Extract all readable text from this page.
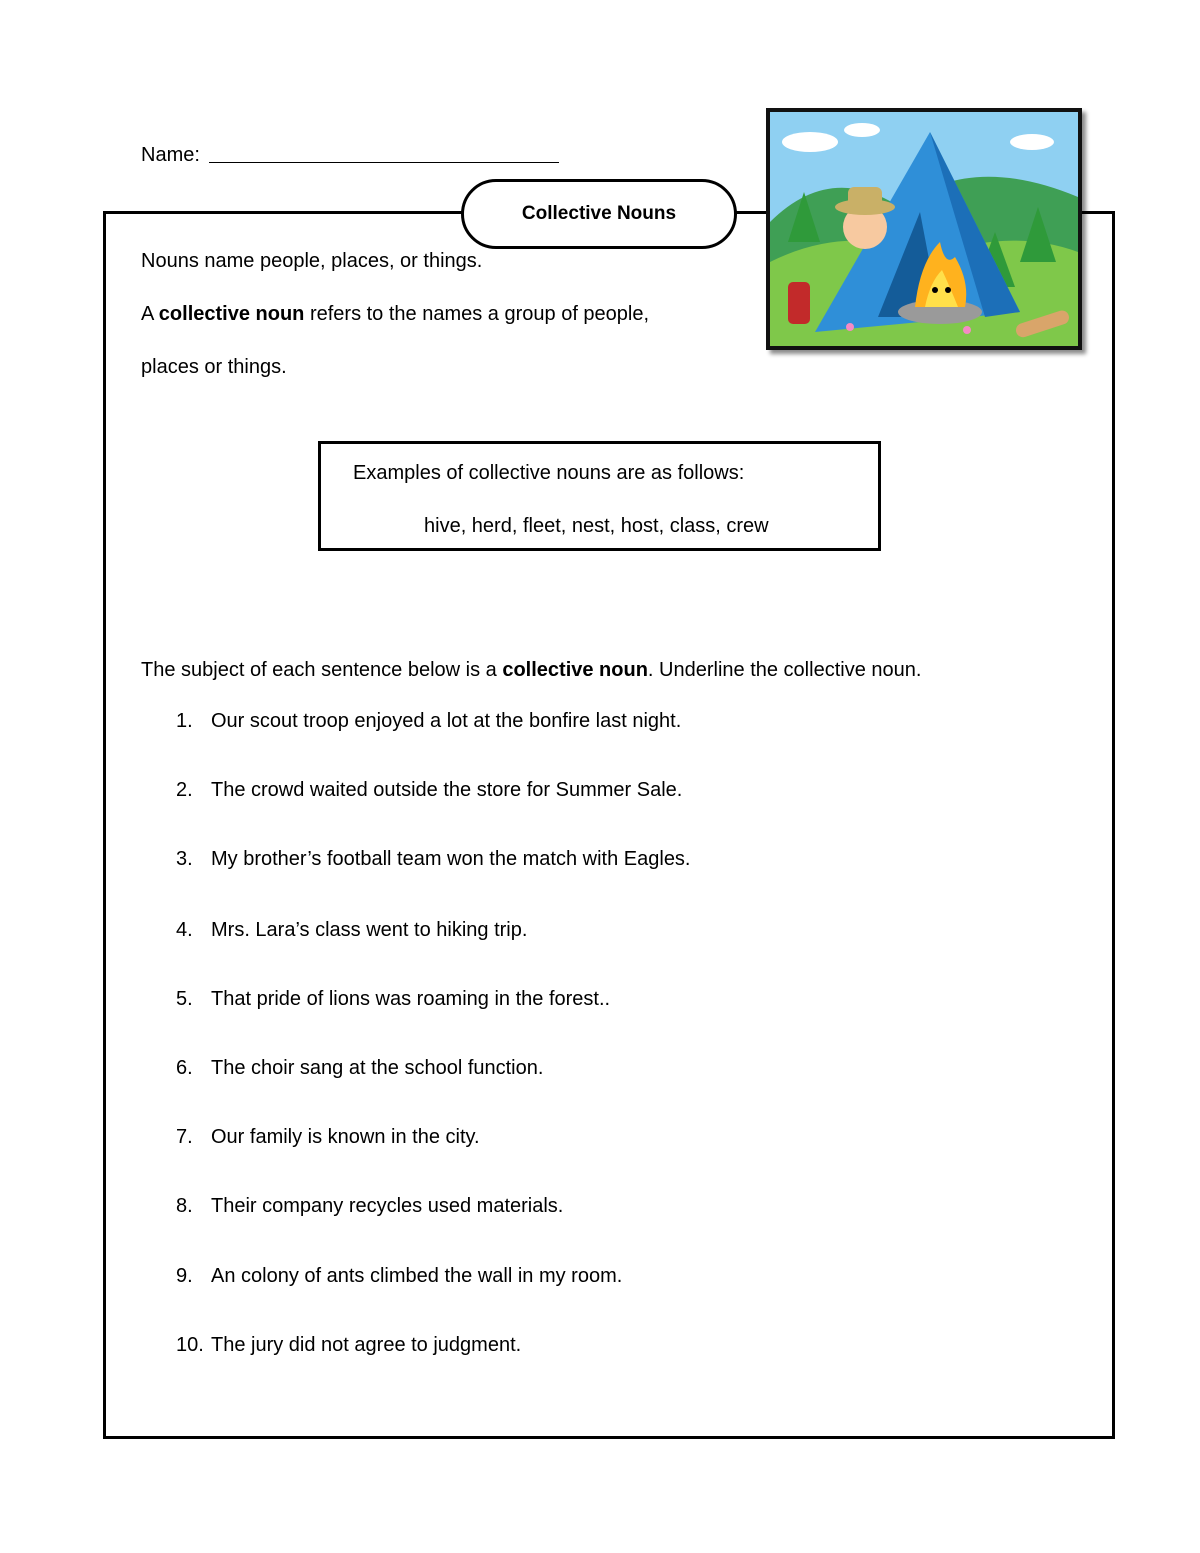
Name:
Collective Nouns
Nouns name people, places, or things.
A collective noun refers to the names a group of people,
places or things.
Examples of collective nouns are as follows:
hive, herd, fleet, nest, host, class, crew
The subject of each sentence below is a collective noun. Underline the collective noun.
1. Our scout troop enjoyed a lot at the bonfire last night.
2. The crowd waited outside the store for Summer Sale.
3. My brother’s football team won the match with Eagles.
4. Mrs. Lara’s class went to hiking trip.
5. That pride of lions was roaming in the forest..
6. The choir sang at the school function.
7. Our family is known in the city.
8. Their company recycles used materials.
9. An colony of ants climbed the wall in my room.
10. The jury did not agree to judgment.
